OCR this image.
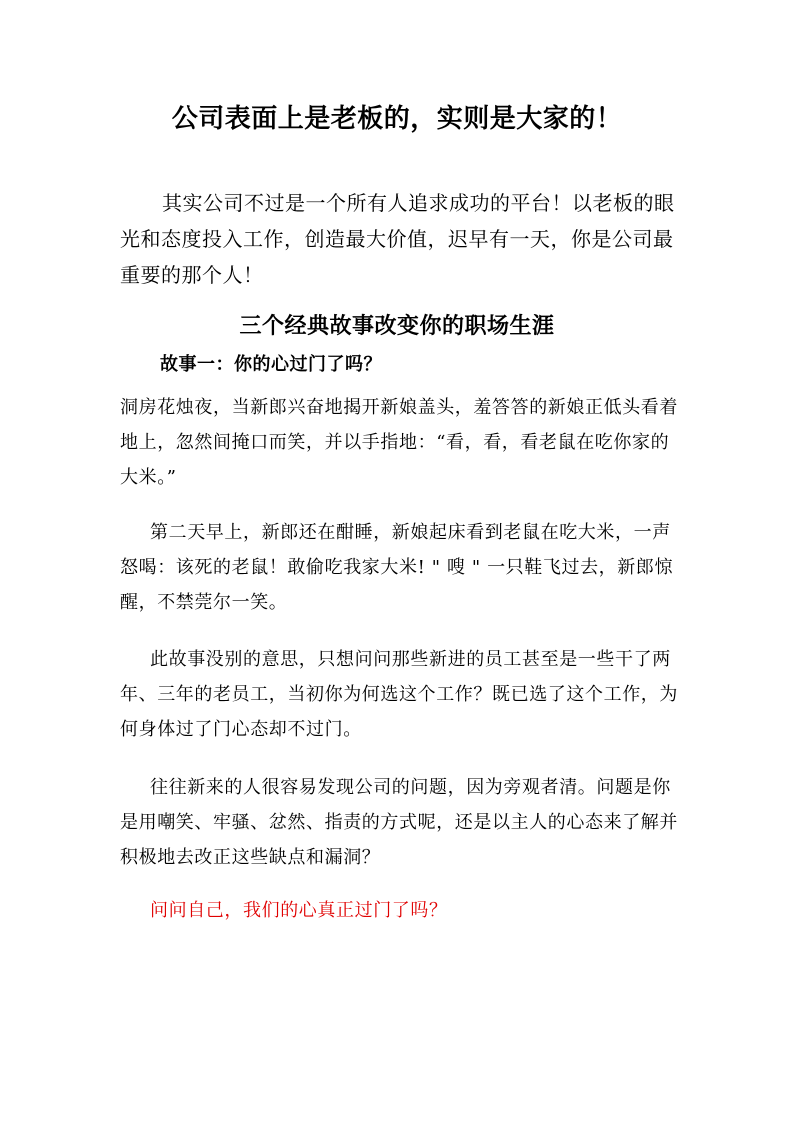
公司表面上是老板的，实则是大家的！
其实公司不过是一个所有人追求成功的平台！以老板的眼光和态度投入工作，创造最大价值，迟早有一天，你是公司最重要的那个人！
三个经典故事改变你的职场生涯
故事一：你的心过门了吗？
洞房花烛夜，当新郎兴奋地揭开新娘盖头，羞答答的新娘正低头看着地上，忽然间掩口而笑，并以手指地：“看，看，看老鼠在吃你家的大米。”
第二天早上，新郎还在酣睡，新娘起床看到老鼠在吃大米，一声怒喝：该死的老鼠！敢偷吃我家大米! " 嗖 " 一只鞋飞过去，新郎惊醒，不禁莞尔一笑。
此故事没别的意思，只想问问那些新进的员工甚至是一些干了两年、三年的老员工，当初你为何选这个工作？既已选了这个工作，为何身体过了门心态却不过门。
往往新来的人很容易发现公司的问题，因为旁观者清。问题是你是用嘲笑、牢骚、忿然、指责的方式呢，还是以主人的心态来了解并积极地去改正这些缺点和漏洞？
问问自己，我们的心真正过门了吗？
